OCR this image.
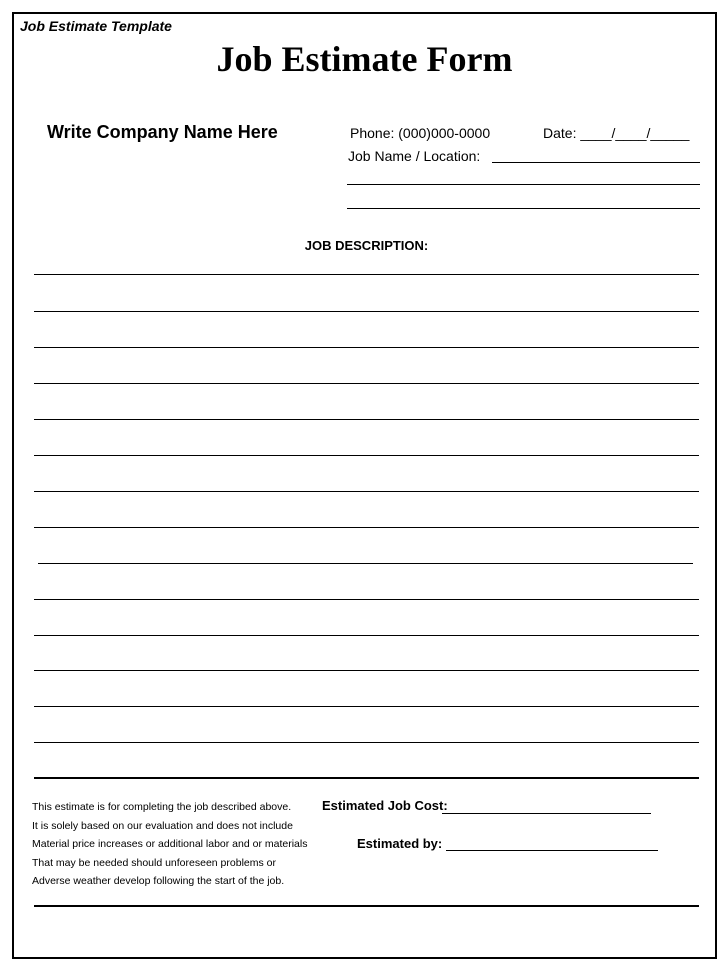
Job Estimate Template
Job Estimate Form
Write Company Name Here	Phone: (000)000-0000	Date: ____/____/_____
Job Name / Location:
JOB DESCRIPTION:
This estimate is for completing the job described above.
It is solely based on our evaluation and does not include
Material price increases or additional labor and or materials
That may be needed should unforeseen problems or
Adverse weather develop following the start of the job.
Estimated Job Cost:
Estimated by:
